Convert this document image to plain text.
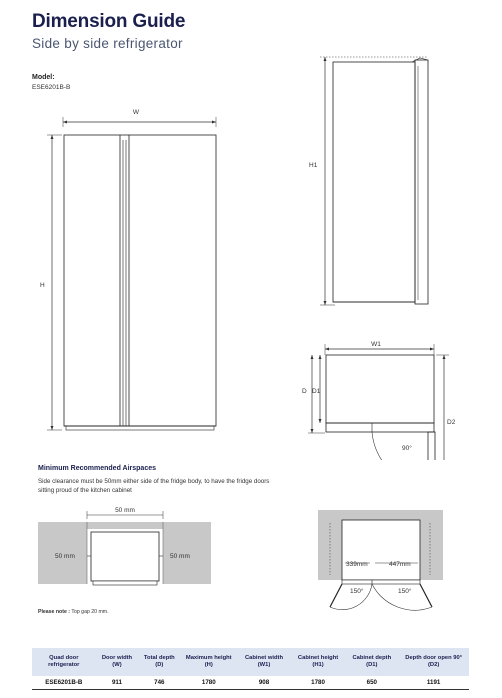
Dimension Guide
Side by side refrigerator
Model:
ESE6201B-B
W
H
H1
W1
D D1
90°
D2
Minimum Recommended Airspaces
Side clearance must be 50mm either side of the fridge body, to have the fridge doors sitting proud of the kitchen cabinet
50 mm
50 mm	50 mm
Please note : Top gap 20 mm.
339mm	447mm
150°	150°
Quad door refrigerator	Door width (W)	Total depth (D)	Maximum height (H)	Cabinet width (W1)	Cabinet height (H1)	Cabinet depth (D1)	Depth door open 90° (D2)
ESE6201B-B	911	746	1780	908	1780	650	1191
